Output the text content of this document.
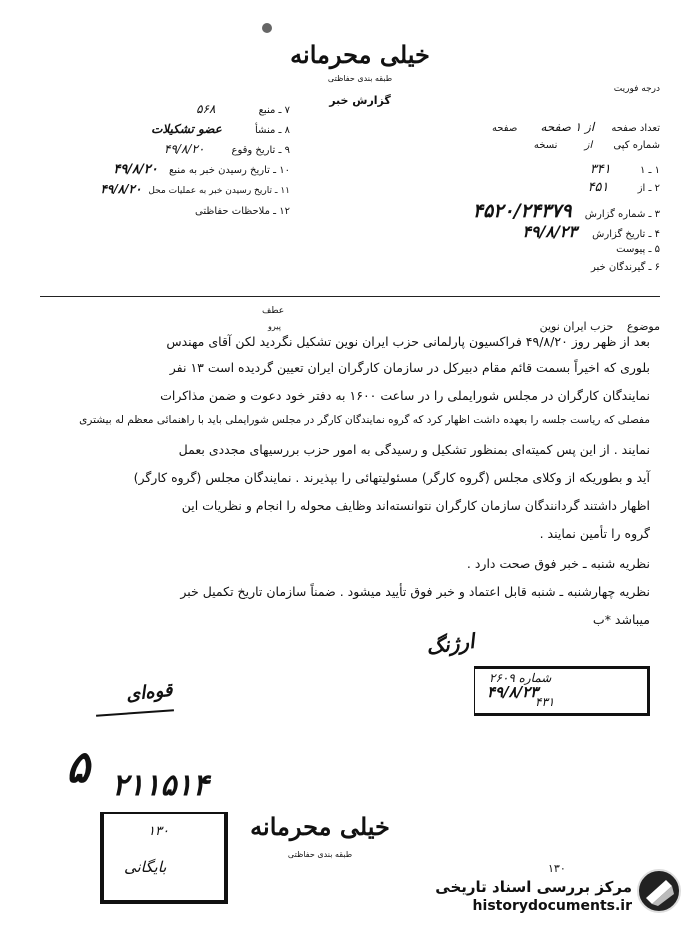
خیلی محرمانه
طبقه بندی حفاظتی
گزارش خبر
درجه فوریت
شماره کپی از نسخه
تعداد صفحه از ۱ صفحه صفحه
۱ ـ ۱ ۳۴۱
۲ ـ از ۴۵۱
۳ ـ شماره گزارش ۴۵۲۰/۲۴۳۷۹
۴ ـ تاریخ گزارش ۴۹/۸/۲۳
۵ ـ پیوست
۶ ـ گیرندگان خبر
۷ ـ منبع ۵۶۸
۸ ـ منشأ عضو تشکیلات
۹ ـ تاریخ وقوع ۴۹/۸/۲۰
۱۰ ـ تاریخ رسیدن خبر به منبع ۴۹/۸/۲۰
۱۱ ـ تاریخ رسیدن خبر به عملیات محل ۴۹/۸/۲۰
۱۲ ـ ملاحظات حفاظتی
عطف
پیرو	موضوع حزب ایران نوین
بعد از ظهر روز ۴۹/۸/۲۰ فراکسیون پارلمانی حزب ایران نوین تشکیل نگردید لکن آقای مهندس
بلوری که اخیراً بسمت قائم مقام دبیرکل در سازمان کارگران ایران تعیین گردیده است ۱۳ نفر
نمایندگان کارگران در مجلس شورایملی را در ساعت ۱۶۰۰ به دفتر خود دعوت و ضمن مذاکرات
مفصلی که ریاست جلسه را بعهده داشت اظهار کرد که گروه نمایندگان کارگر در مجلس شورایملی باید با راهنمائی معظم له بیشتری
نمایند . از این پس کمیته‌ای بمنظور تشکیل و رسیدگی به امور حزب بررسیهای مجددی بعمل
آید و بطوریکه از وکلای مجلس (گروه کارگر) مسئولیتهائی را بپذیرند . نمایندگان مجلس (گروه کارگر)
اظهار داشتند گردانندگان سازمان کارگران نتوانسته‌اند وظایف محوله را انجام و نظریات این
گروه را تأمین نمایند .
نظریه شنبه ـ خبر فوق صحت دارد .
نظریه چهارشنبه ـ شنبه قابل اعتماد و خبر فوق تأیید میشود . ضمناً سازمان تاریخ تکمیل خبر
میباشد *ب
ارژنگ
شماره ۲۶۰۹
۴۹/۸/۲۳
۴۳۱
قوه‌ای
۵ ۲۱۱۵۱۴
۱۳۰
بایگانی
خیلی محرمانه
طبقه بندی حفاظتی
۱۳۰
مرکز بررسی اسناد تاریخی
historydocuments.ir
